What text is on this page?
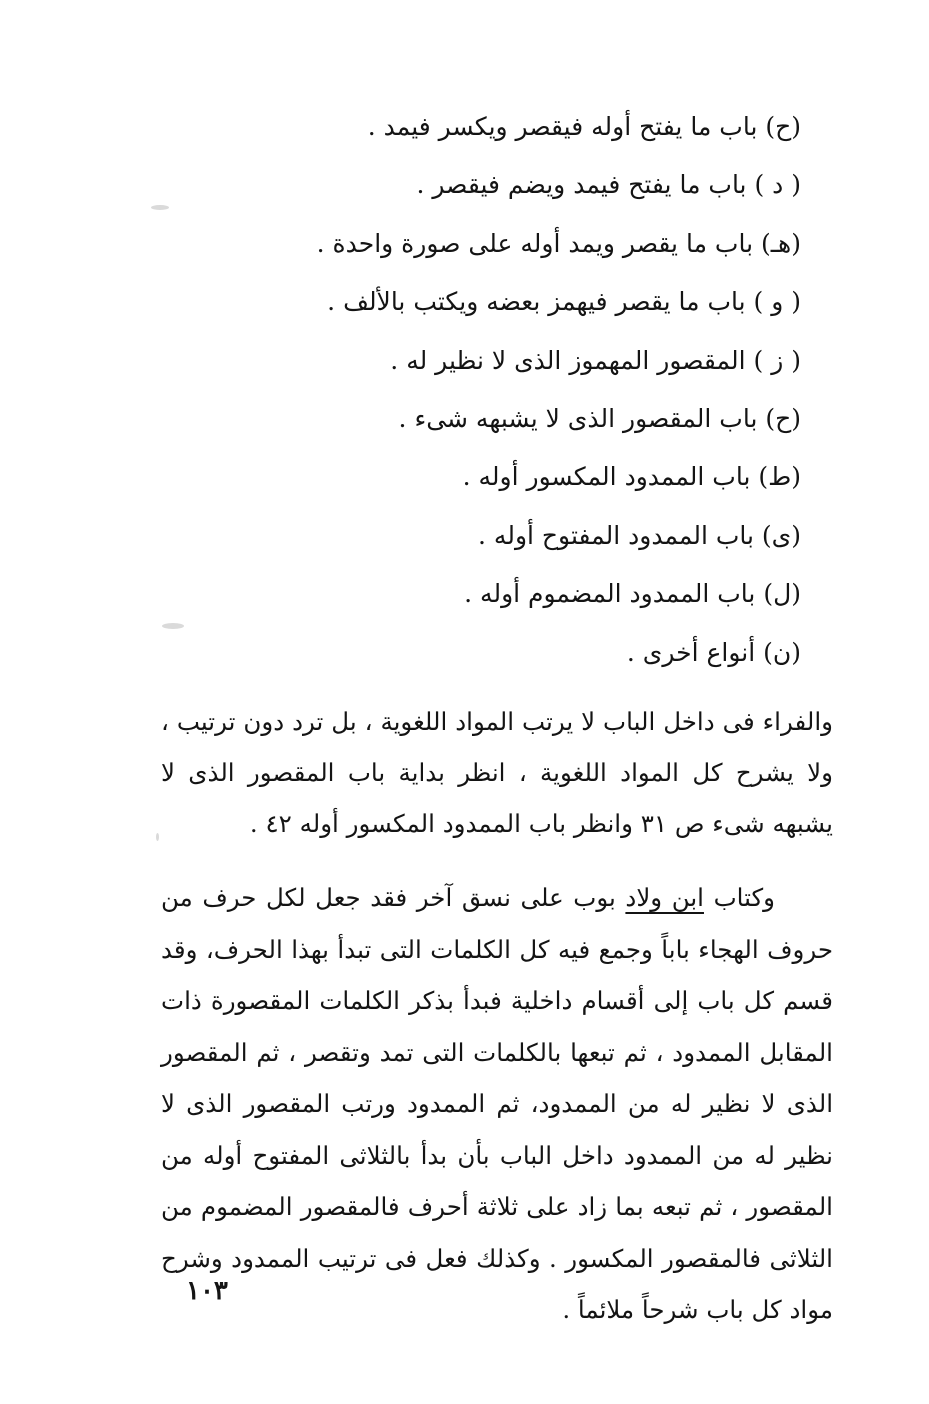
(ح) باب ما يفتح أوله فيقصر ويكسر فيمد .
( د ) باب ما يفتح فيمد ويضم فيقصر .
(هـ) باب ما يقصر ويمد أوله على صورة واحدة .
( و ) باب ما يقصر فيهمز بعضه ويكتب بالألف .
( ز ) المقصور المهموز الذى لا نظير له .
(ح) باب المقصور الذى لا يشبهه شىء .
(ط) باب الممدود المكسور أوله .
(ى) باب الممدود المفتوح أوله .
(ل) باب الممدود المضموم أوله .
(ن) أنواع أخرى .

والفراء فى داخل الباب لا يرتب المواد اللغوية ، بل ترد دون ترتيب ، ولا يشرح كل المواد اللغوية ، انظر بداية باب المقصور الذى لا يشبهه شىء ص ٣١ وانظر باب الممدود المكسور أوله ٤٢ .

وكتاب ابن ولاد بوب على نسق آخر فقد جعل لكل حرف من حروف الهجاء باباً وجمع فيه كل الكلمات التى تبدأ بهذا الحرف، وقد قسم كل باب إلى أقسام داخلية فبدأ بذكر الكلمات المقصورة ذات المقابل الممدود ، ثم تبعها بالكلمات التى تمد وتقصر ، ثم المقصور الذى لا نظير له من الممدود، ثم الممدود ورتب المقصور الذى لا نظير له من الممدود داخل الباب بأن بدأ بالثلاثى المفتوح أوله من المقصور ، ثم تبعه بما زاد على ثلاثة أحرف فالمقصور المضموم من الثلاثى فالمقصور المكسور . وكذلك فعل فى ترتيب الممدود وشرح مواد كل باب شرحاً ملائماً .

١٠٣
